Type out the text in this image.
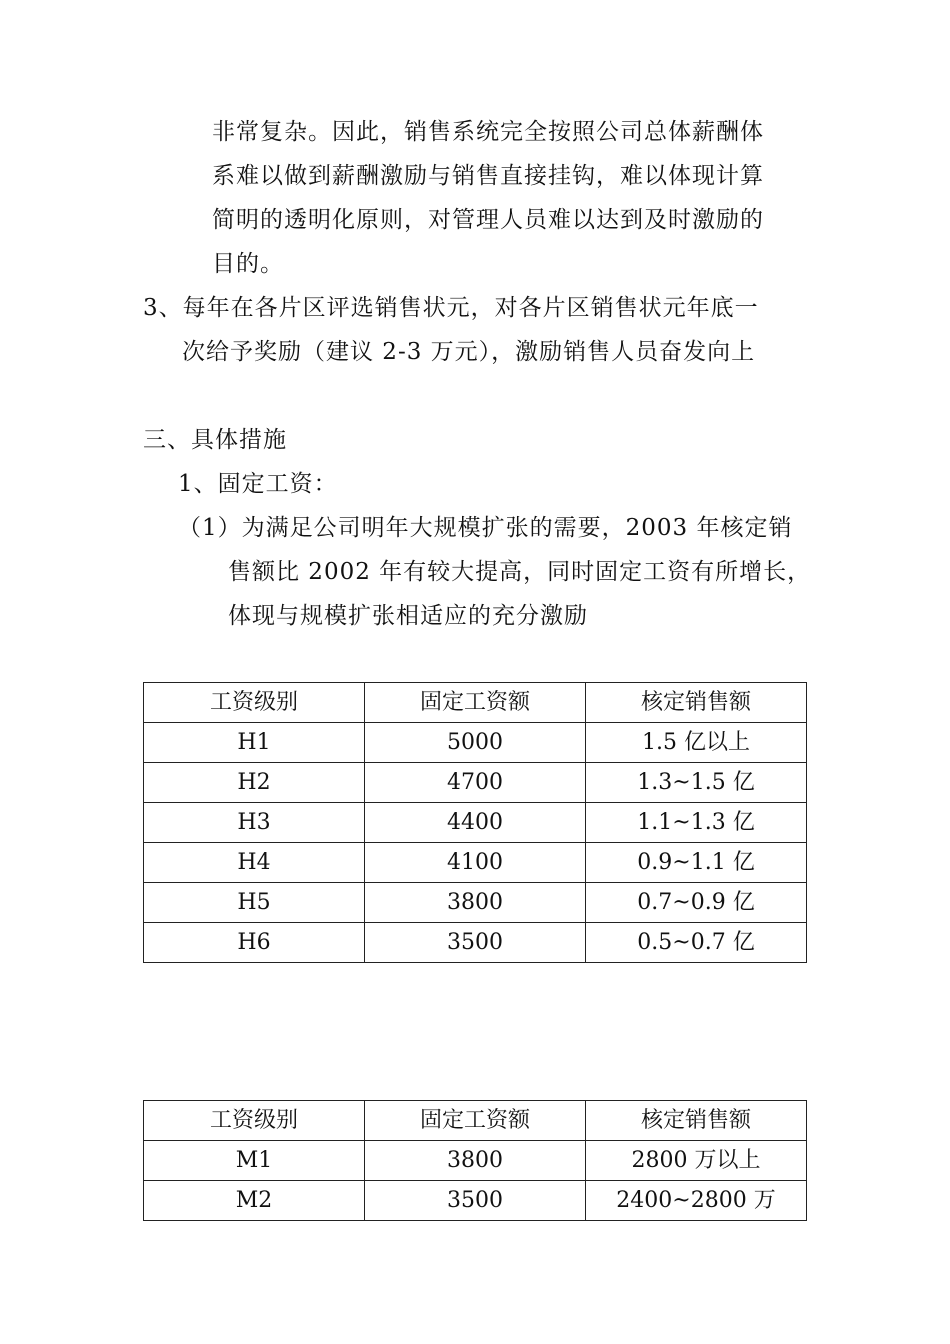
非常复杂。因此，销售系统完全按照公司总体薪酬体
系难以做到薪酬激励与销售直接挂钩，难以体现计算
简明的透明化原则，对管理人员难以达到及时激励的
目的。
3、每年在各片区评选销售状元，对各片区销售状元年底一
次给予奖励（建议 2-3 万元），激励销售人员奋发向上
三、具体措施
1、固定工资：
（1）为满足公司明年大规模扩张的需要，2003 年核定销
售额比 2002 年有较大提高，同时固定工资有所增长，
体现与规模扩张相适应的充分激励
工资级别	固定工资额	核定销售额
H1	5000	1.5 亿以上
H2	4700	1.3~1.5 亿
H3	4400	1.1~1.3 亿
H4	4100	0.9~1.1 亿
H5	3800	0.7~0.9 亿
H6	3500	0.5~0.7 亿
工资级别	固定工资额	核定销售额
M1	3800	2800 万以上
M2	3500	2400~2800 万
